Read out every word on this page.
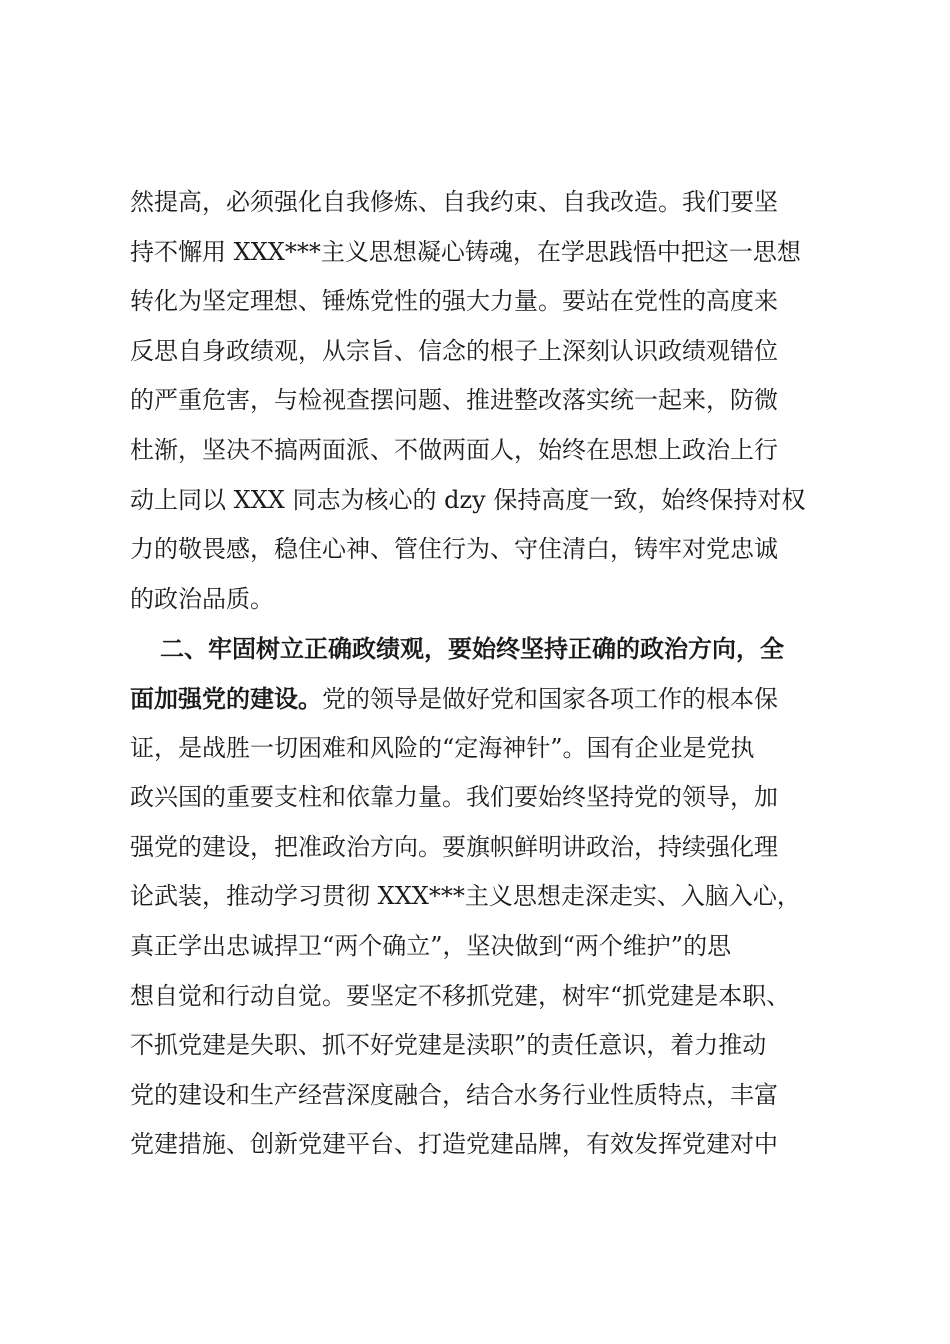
然提高，必须强化自我修炼、自我约束、自我改造。我们要坚
持不懈用 XXX***主义思想凝心铸魂，在学思践悟中把这一思想
转化为坚定理想、锤炼党性的强大力量。要站在党性的高度来
反思自身政绩观，从宗旨、信念的根子上深刻认识政绩观错位
的严重危害，与检视查摆问题、推进整改落实统一起来，防微
杜渐，坚决不搞两面派、不做两面人，始终在思想上政治上行
动上同以 XXX 同志为核心的 dzy 保持高度一致，始终保持对权
力的敬畏感，稳住心神、管住行为、守住清白，铸牢对党忠诚
的政治品质。
二、牢固树立正确政绩观，要始终坚持正确的政治方向，全
面加强党的建设。党的领导是做好党和国家各项工作的根本保
证，是战胜一切困难和风险的“定海神针”。国有企业是党执
政兴国的重要支柱和依靠力量。我们要始终坚持党的领导，加
强党的建设，把准政治方向。要旗帜鲜明讲政治，持续强化理
论武装，推动学习贯彻 XXX***主义思想走深走实、入脑入心，
真正学出忠诚捍卫“两个确立”，坚决做到“两个维护”的思
想自觉和行动自觉。要坚定不移抓党建，树牢“抓党建是本职、
不抓党建是失职、抓不好党建是渎职”的责任意识，着力推动
党的建设和生产经营深度融合，结合水务行业性质特点，丰富
党建措施、创新党建平台、打造党建品牌，有效发挥党建对中
